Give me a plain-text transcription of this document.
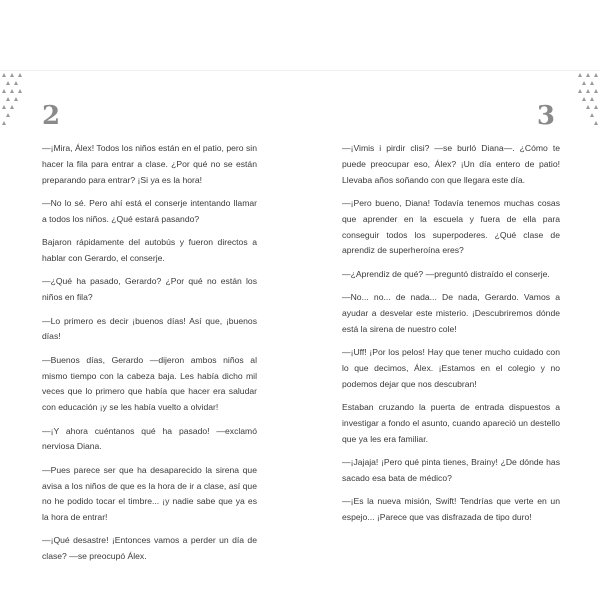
2

—¡Mira, Álex! Todos los niños están en el patio, pero sin hacer la fila para entrar a clase. ¿Por qué no se están preparando para entrar? ¡Si ya es la hora!

—No lo sé. Pero ahí está el conserje intentando llamar a todos los niños. ¿Qué estará pasando?

Bajaron rápidamente del autobús y fueron directos a hablar con Gerardo, el conserje.

—¿Qué ha pasado, Gerardo? ¿Por qué no están los niños en fila?

—Lo primero es decir ¡buenos días! Así que, ¡buenos días!

—Buenos días, Gerardo —dijeron ambos niños al mismo tiempo con la cabeza baja. Les había dicho mil veces que lo primero que había que hacer era saludar con educación ¡y se les había vuelto a olvidar!

—¡Y ahora cuéntanos qué ha pasado! —exclamó nerviosa Diana.

—Pues parece ser que ha desaparecido la sirena que avisa a los niños de que es la hora de ir a clase, así que no he podido tocar el timbre... ¡y nadie sabe que ya es la hora de entrar!

—¡Qué desastre! ¡Entonces vamos a perder un día de clase? —se preocupó Álex.

3

—¡Vimis i pirdir clisi? —se burló Diana—. ¿Cómo te puede preocupar eso, Álex? ¡Un día entero de patio! Llevaba años soñando con que llegara este día.

—¡Pero bueno, Diana! Todavía tenemos muchas cosas que aprender en la escuela y fuera de ella para conseguir todos los superpoderes. ¿Qué clase de aprendiz de superheroína eres?

—¿Aprendiz de qué? —preguntó distraído el conserje.

—No... no... de nada... De nada, Gerardo. Vamos a ayudar a desvelar este misterio. ¡Descubriremos dónde está la sirena de nuestro cole!

—¡Uff! ¡Por los pelos! Hay que tener mucho cuidado con lo que decimos, Álex. ¡Estamos en el colegio y no podemos dejar que nos descubran!

Estaban cruzando la puerta de entrada dispuestos a investigar a fondo el asunto, cuando apareció un destello que ya les era familiar.

—¡Jajaja! ¡Pero qué pinta tienes, Brainy! ¿De dónde has sacado esa bata de médico?

—¡Es la nueva misión, Swift! Tendrías que verte en un espejo... ¡Parece que vas disfrazada de tipo duro!
